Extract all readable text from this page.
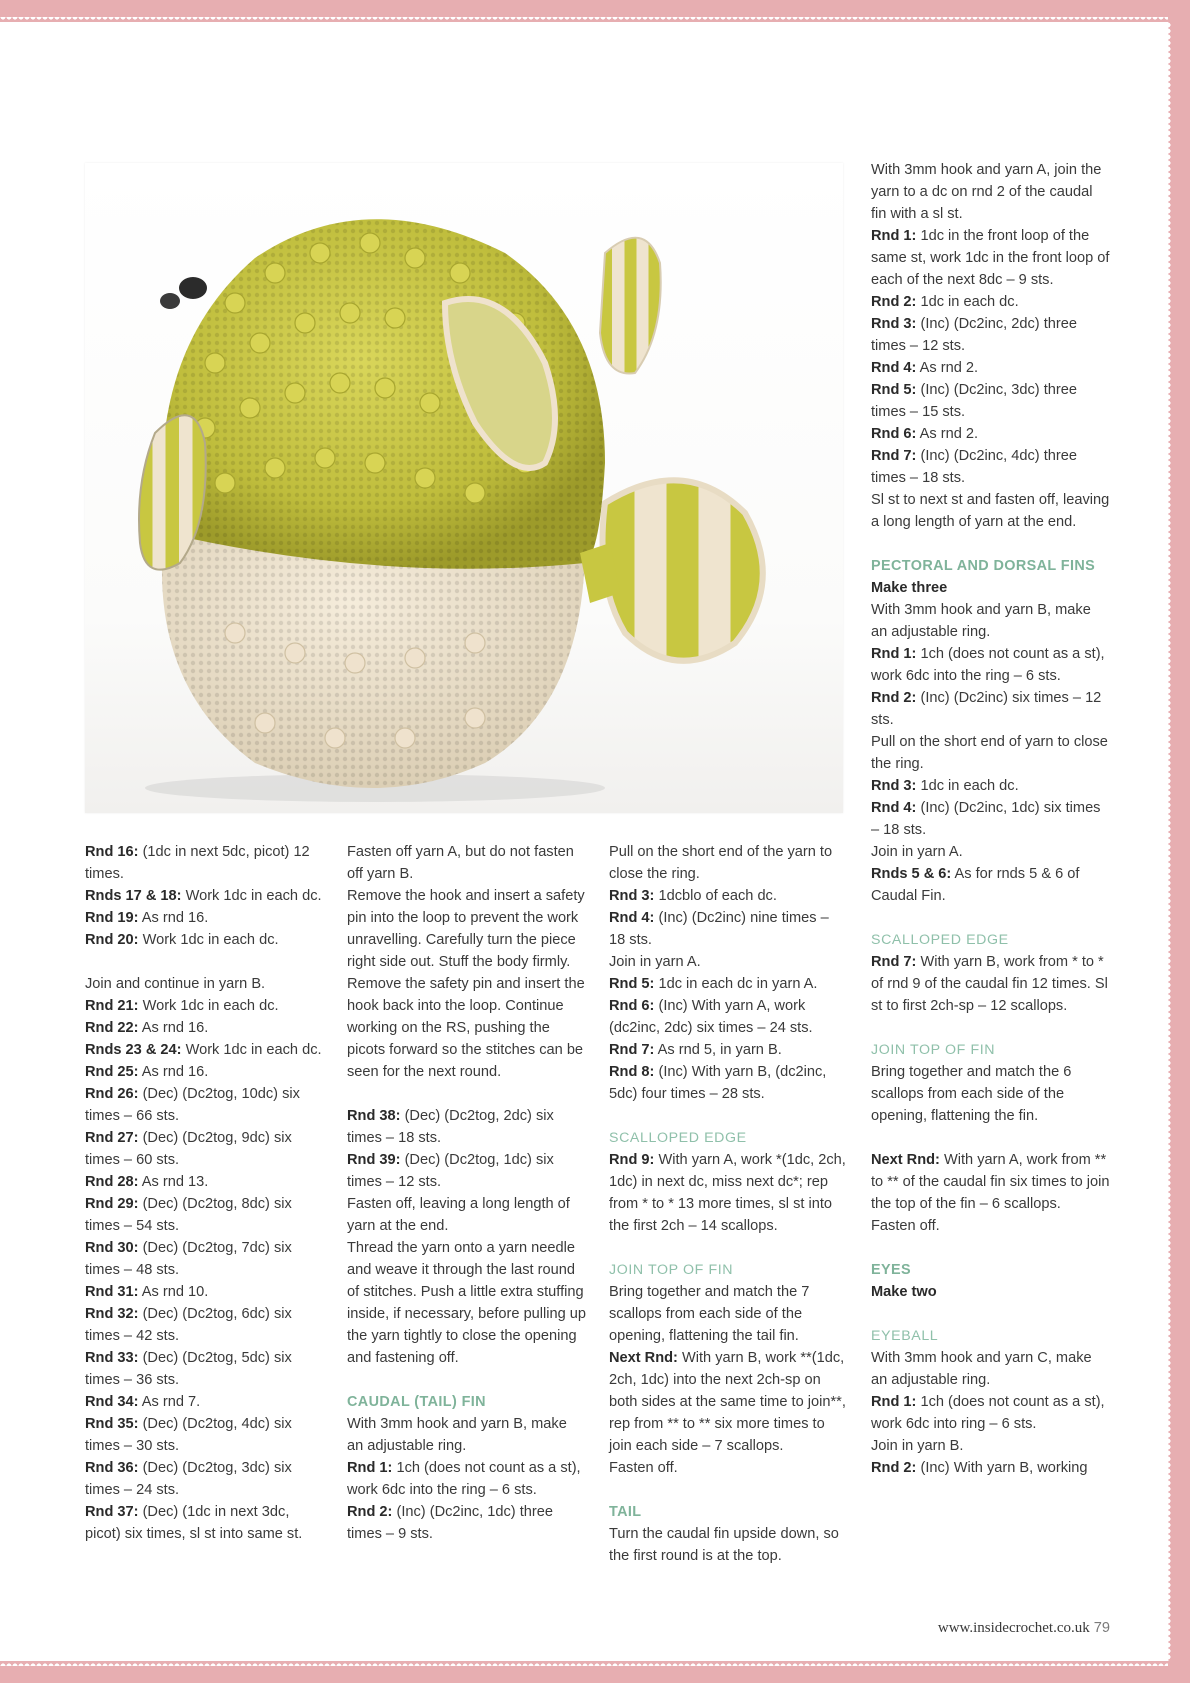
Rnd 16: (1dc in next 5dc, picot) 12 times.

Rnds 17 & 18: Work 1dc in each dc.

Rnd 19: As rnd 16.

Rnd 20: Work 1dc in each dc.

Join and continue in yarn B.

Rnd 21: Work 1dc in each dc.

Rnd 22: As rnd 16.

Rnds 23 & 24: Work 1dc in each dc.

Rnd 25: As rnd 16.

Rnd 26: (Dec) (Dc2tog, 10dc) six times – 66 sts.

Rnd 27: (Dec) (Dc2tog, 9dc) six times – 60 sts.

Rnd 28: As rnd 13.

Rnd 29: (Dec) (Dc2tog, 8dc) six times – 54 sts.

Rnd 30: (Dec) (Dc2tog, 7dc) six times – 48 sts.

Rnd 31: As rnd 10.

Rnd 32: (Dec) (Dc2tog, 6dc) six times – 42 sts.

Rnd 33: (Dec) (Dc2tog, 5dc) six times – 36 sts.

Rnd 34: As rnd 7.

Rnd 35: (Dec) (Dc2tog, 4dc) six times – 30 sts.

Rnd 36: (Dec) (Dc2tog, 3dc) six times – 24 sts.

Rnd 37: (Dec) (1dc in next 3dc, picot) six times, sl st into same st.

Fasten off yarn A, but do not fasten off yarn B.

Remove the hook and insert a safety pin into the loop to prevent the work unravelling. Carefully turn the piece right side out. Stuff the body firmly. Remove the safety pin and insert the hook back into the loop. Continue working on the RS, pushing the picots forward so the stitches can be seen for the next round.

Rnd 38: (Dec) (Dc2tog, 2dc) six times – 18 sts.

Rnd 39: (Dec) (Dc2tog, 1dc) six times – 12 sts.

Fasten off, leaving a long length of yarn at the end.

Thread the yarn onto a yarn needle and weave it through the last round of stitches. Push a little extra stuffing inside, if necessary, before pulling up the yarn tightly to close the opening and fastening off.

CAUDAL (TAIL) FIN

With 3mm hook and yarn B, make an adjustable ring.

Rnd 1: 1ch (does not count as a st), work 6dc into the ring – 6 sts.

Rnd 2: (Inc) (Dc2inc, 1dc) three times – 9 sts.

Pull on the short end of the yarn to close the ring.

Rnd 3: 1dcblo of each dc.

Rnd 4: (Inc) (Dc2inc) nine times – 18 sts.

Join in yarn A.

Rnd 5: 1dc in each dc in yarn A.

Rnd 6: (Inc) With yarn A, work (dc2inc, 2dc) six times – 24 sts.

Rnd 7: As rnd 5, in yarn B.

Rnd 8: (Inc) With yarn B, (dc2inc, 5dc) four times – 28 sts.

SCALLOPED EDGE

Rnd 9: With yarn A, work *(1dc, 2ch, 1dc) in next dc, miss next dc*; rep from * to * 13 more times, sl st into the first 2ch – 14 scallops.

JOIN TOP OF FIN

Bring together and match the 7 scallops from each side of the opening, flattening the tail fin.

Next Rnd: With yarn B, work **(1dc, 2ch, 1dc) into the next 2ch-sp on both sides at the same time to join**, rep from ** to ** six more times to join each side – 7 scallops.

Fasten off.

TAIL

Turn the caudal fin upside down, so the first round is at the top.

With 3mm hook and yarn A, join the yarn to a dc on rnd 2 of the caudal fin with a sl st.

Rnd 1: 1dc in the front loop of the same st, work 1dc in the front loop of each of the next 8dc – 9 sts.

Rnd 2: 1dc in each dc.

Rnd 3: (Inc) (Dc2inc, 2dc) three times – 12 sts.

Rnd 4: As rnd 2.

Rnd 5: (Inc) (Dc2inc, 3dc) three times – 15 sts.

Rnd 6: As rnd 2.

Rnd 7: (Inc) (Dc2inc, 4dc) three times – 18 sts.

Sl st to next st and fasten off, leaving a long length of yarn at the end.

PECTORAL AND DORSAL FINS

Make three

With 3mm hook and yarn B, make an adjustable ring.

Rnd 1: 1ch (does not count as a st), work 6dc into the ring – 6 sts.

Rnd 2: (Inc) (Dc2inc) six times – 12 sts.

Pull on the short end of yarn to close the ring.

Rnd 3: 1dc in each dc.

Rnd 4: (Inc) (Dc2inc, 1dc) six times – 18 sts.

Join in yarn A.

Rnds 5 & 6: As for rnds 5 & 6 of Caudal Fin.

SCALLOPED EDGE

Rnd 7: With yarn B, work from * to * of rnd 9 of the caudal fin 12 times. Sl st to first 2ch-sp – 12 scallops.

JOIN TOP OF FIN

Bring together and match the 6 scallops from each side of the opening, flattening the fin.

Next Rnd: With yarn A, work from ** to ** of the caudal fin six times to join the top of the fin – 6 scallops.

Fasten off.

EYES

Make two

EYEBALL

With 3mm hook and yarn C, make an adjustable ring.

Rnd 1: 1ch (does not count as a st), work 6dc into ring – 6 sts.

Join in yarn B.

Rnd 2: (Inc) With yarn B, working

www.insidecrochet.co.uk 79
